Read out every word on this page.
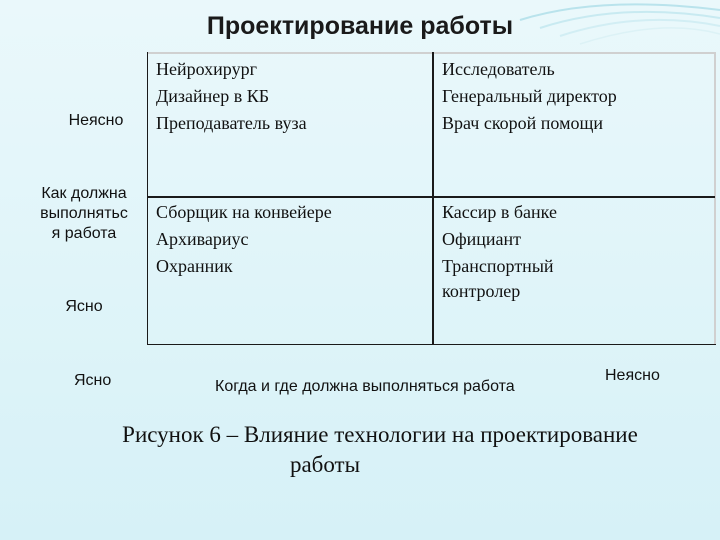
Проектирование работы
Неясно
Как должна
выполнятьс
я работа
Ясно
Нейрохирург
Дизайнер в КБ
Преподаватель вуза
Исследователь
Генеральный директор
Врач скорой помощи
Сборщик на конвейере
Архивариус
Охранник
Кассир в банке
Официант
Транспортный
контролер
Ясно	Когда и где должна выполняться работа
Неясно
Рисунок 6 – Влияние технологии на проектирование
работы
